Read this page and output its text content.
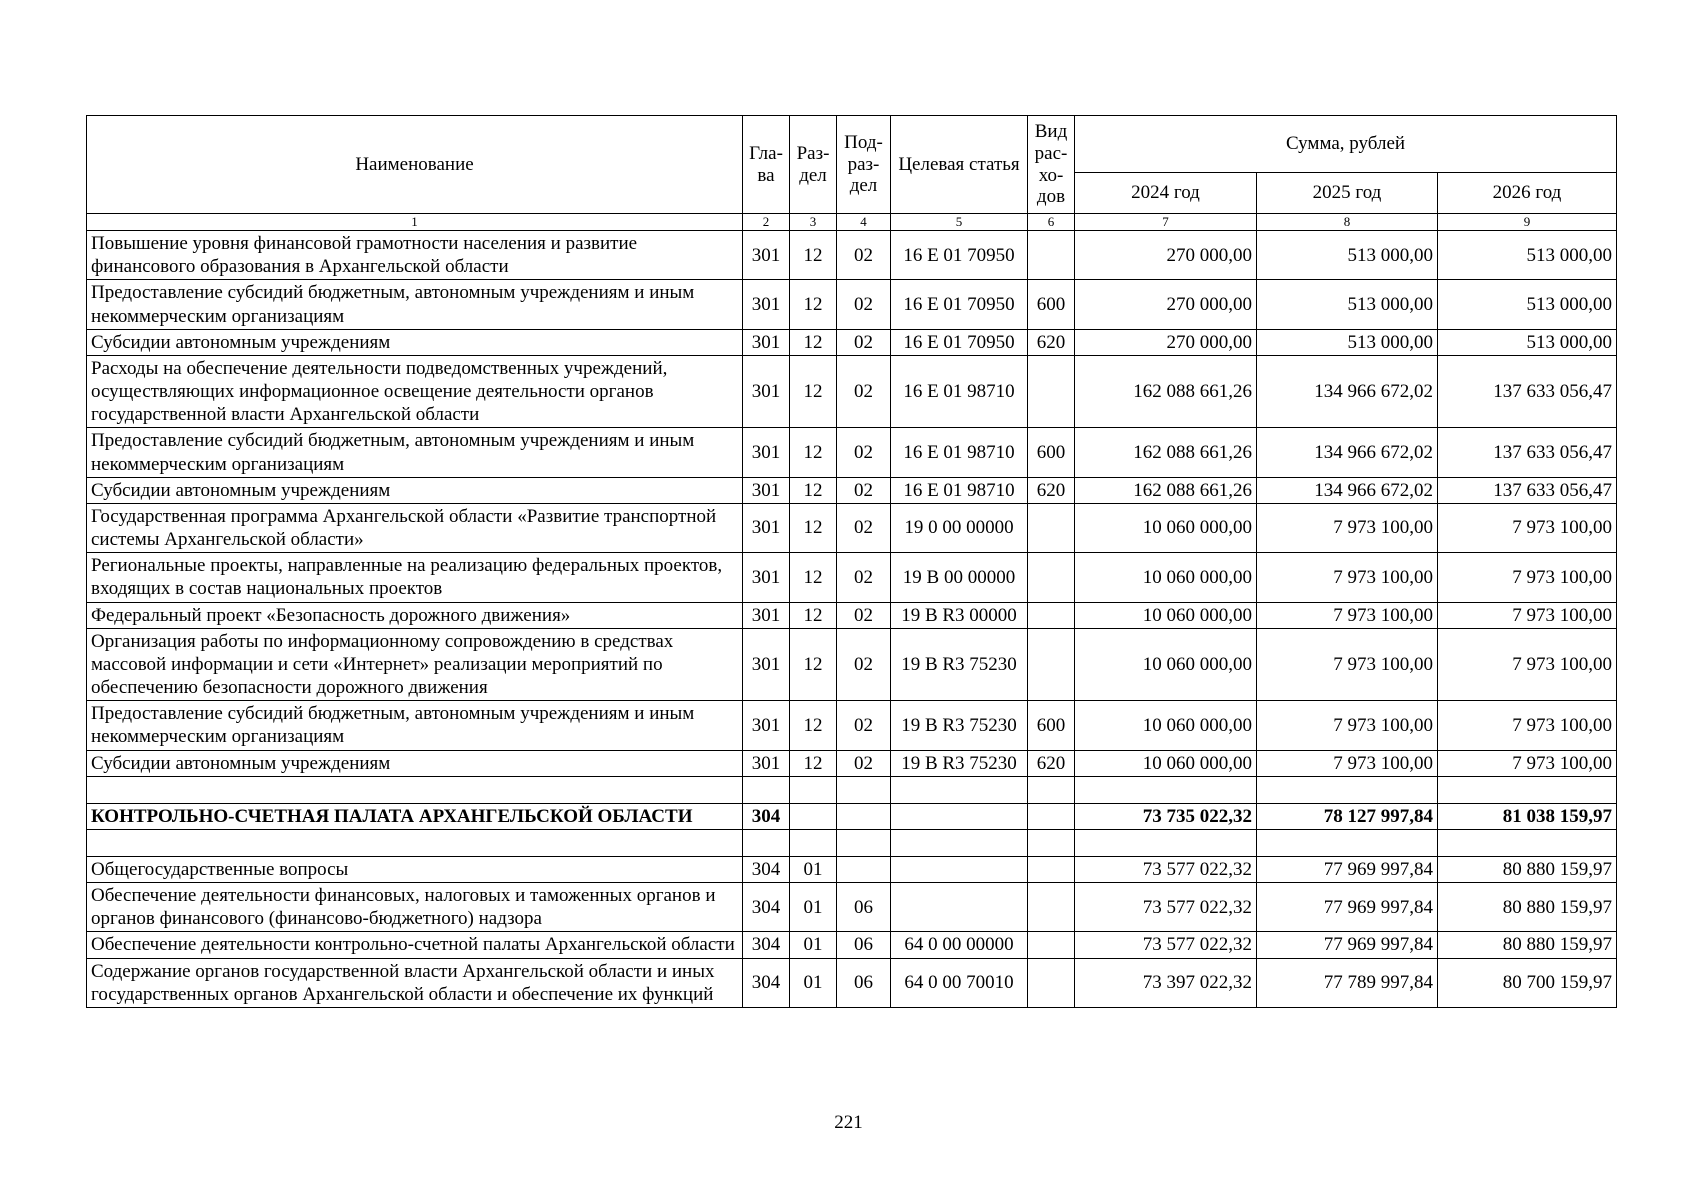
Наименование	Гла-ва	Раз-дел	Под-раз-дел	Целевая статья	Вид рас-хо-дов	Сумма, рублей		
						2024 год	2025 год	2026 год
1	2	3	4	5	6	7	8	9
Повышение уровня финансовой грамотности населения и развитие финансового образования в Архангельской области	301	12	02	16 Е 01 70950		270 000,00	513 000,00	513 000,00
Предоставление субсидий бюджетным, автономным учреждениям и иным некоммерческим организациям	301	12	02	16 Е 01 70950	600	270 000,00	513 000,00	513 000,00
Субсидии автономным учреждениям	301	12	02	16 Е 01 70950	620	270 000,00	513 000,00	513 000,00
Расходы на обеспечение деятельности подведомственных учреждений, осуществляющих информационное освещение деятельности органов государственной власти Архангельской области	301	12	02	16 Е 01 98710		162 088 661,26	134 966 672,02	137 633 056,47
Предоставление субсидий бюджетным, автономным учреждениям и иным некоммерческим организациям	301	12	02	16 Е 01 98710	600	162 088 661,26	134 966 672,02	137 633 056,47
Субсидии автономным учреждениям	301	12	02	16 Е 01 98710	620	162 088 661,26	134 966 672,02	137 633 056,47
Государственная программа Архангельской области «Развитие транспортной системы Архангельской области»	301	12	02	19 0 00 00000		10 060 000,00	7 973 100,00	7 973 100,00
Региональные проекты, направленные на реализацию федеральных проектов, входящих в состав национальных проектов	301	12	02	19 В 00 00000		10 060 000,00	7 973 100,00	7 973 100,00
Федеральный проект «Безопасность дорожного движения»	301	12	02	19 В R3 00000		10 060 000,00	7 973 100,00	7 973 100,00
Организация работы по информационному сопровождению в средствах массовой информации и сети «Интернет» реализации мероприятий по обеспечению безопасности дорожного движения	301	12	02	19 В R3 75230		10 060 000,00	7 973 100,00	7 973 100,00
Предоставление субсидий бюджетным, автономным учреждениям и иным некоммерческим организациям	301	12	02	19 В R3 75230	600	10 060 000,00	7 973 100,00	7 973 100,00
Субсидии автономным учреждениям	301	12	02	19 В R3 75230	620	10 060 000,00	7 973 100,00	7 973 100,00

КОНТРОЛЬНО-СЧЕТНАЯ ПАЛАТА АРХАНГЕЛЬСКОЙ ОБЛАСТИ	304					73 735 022,32	78 127 997,84	81 038 159,97

Общегосударственные вопросы	304	01				73 577 022,32	77 969 997,84	80 880 159,97
Обеспечение деятельности финансовых, налоговых и таможенных органов и органов финансового (финансово-бюджетного) надзора	304	01	06			73 577 022,32	77 969 997,84	80 880 159,97
Обеспечение деятельности контрольно-счетной палаты Архангельской области	304	01	06	64 0 00 00000		73 577 022,32	77 969 997,84	80 880 159,97
Содержание органов государственной власти Архангельской области и иных государственных органов Архангельской области и обеспечение их функций	304	01	06	64 0 00 70010		73 397 022,32	77 789 997,84	80 700 159,97
221
